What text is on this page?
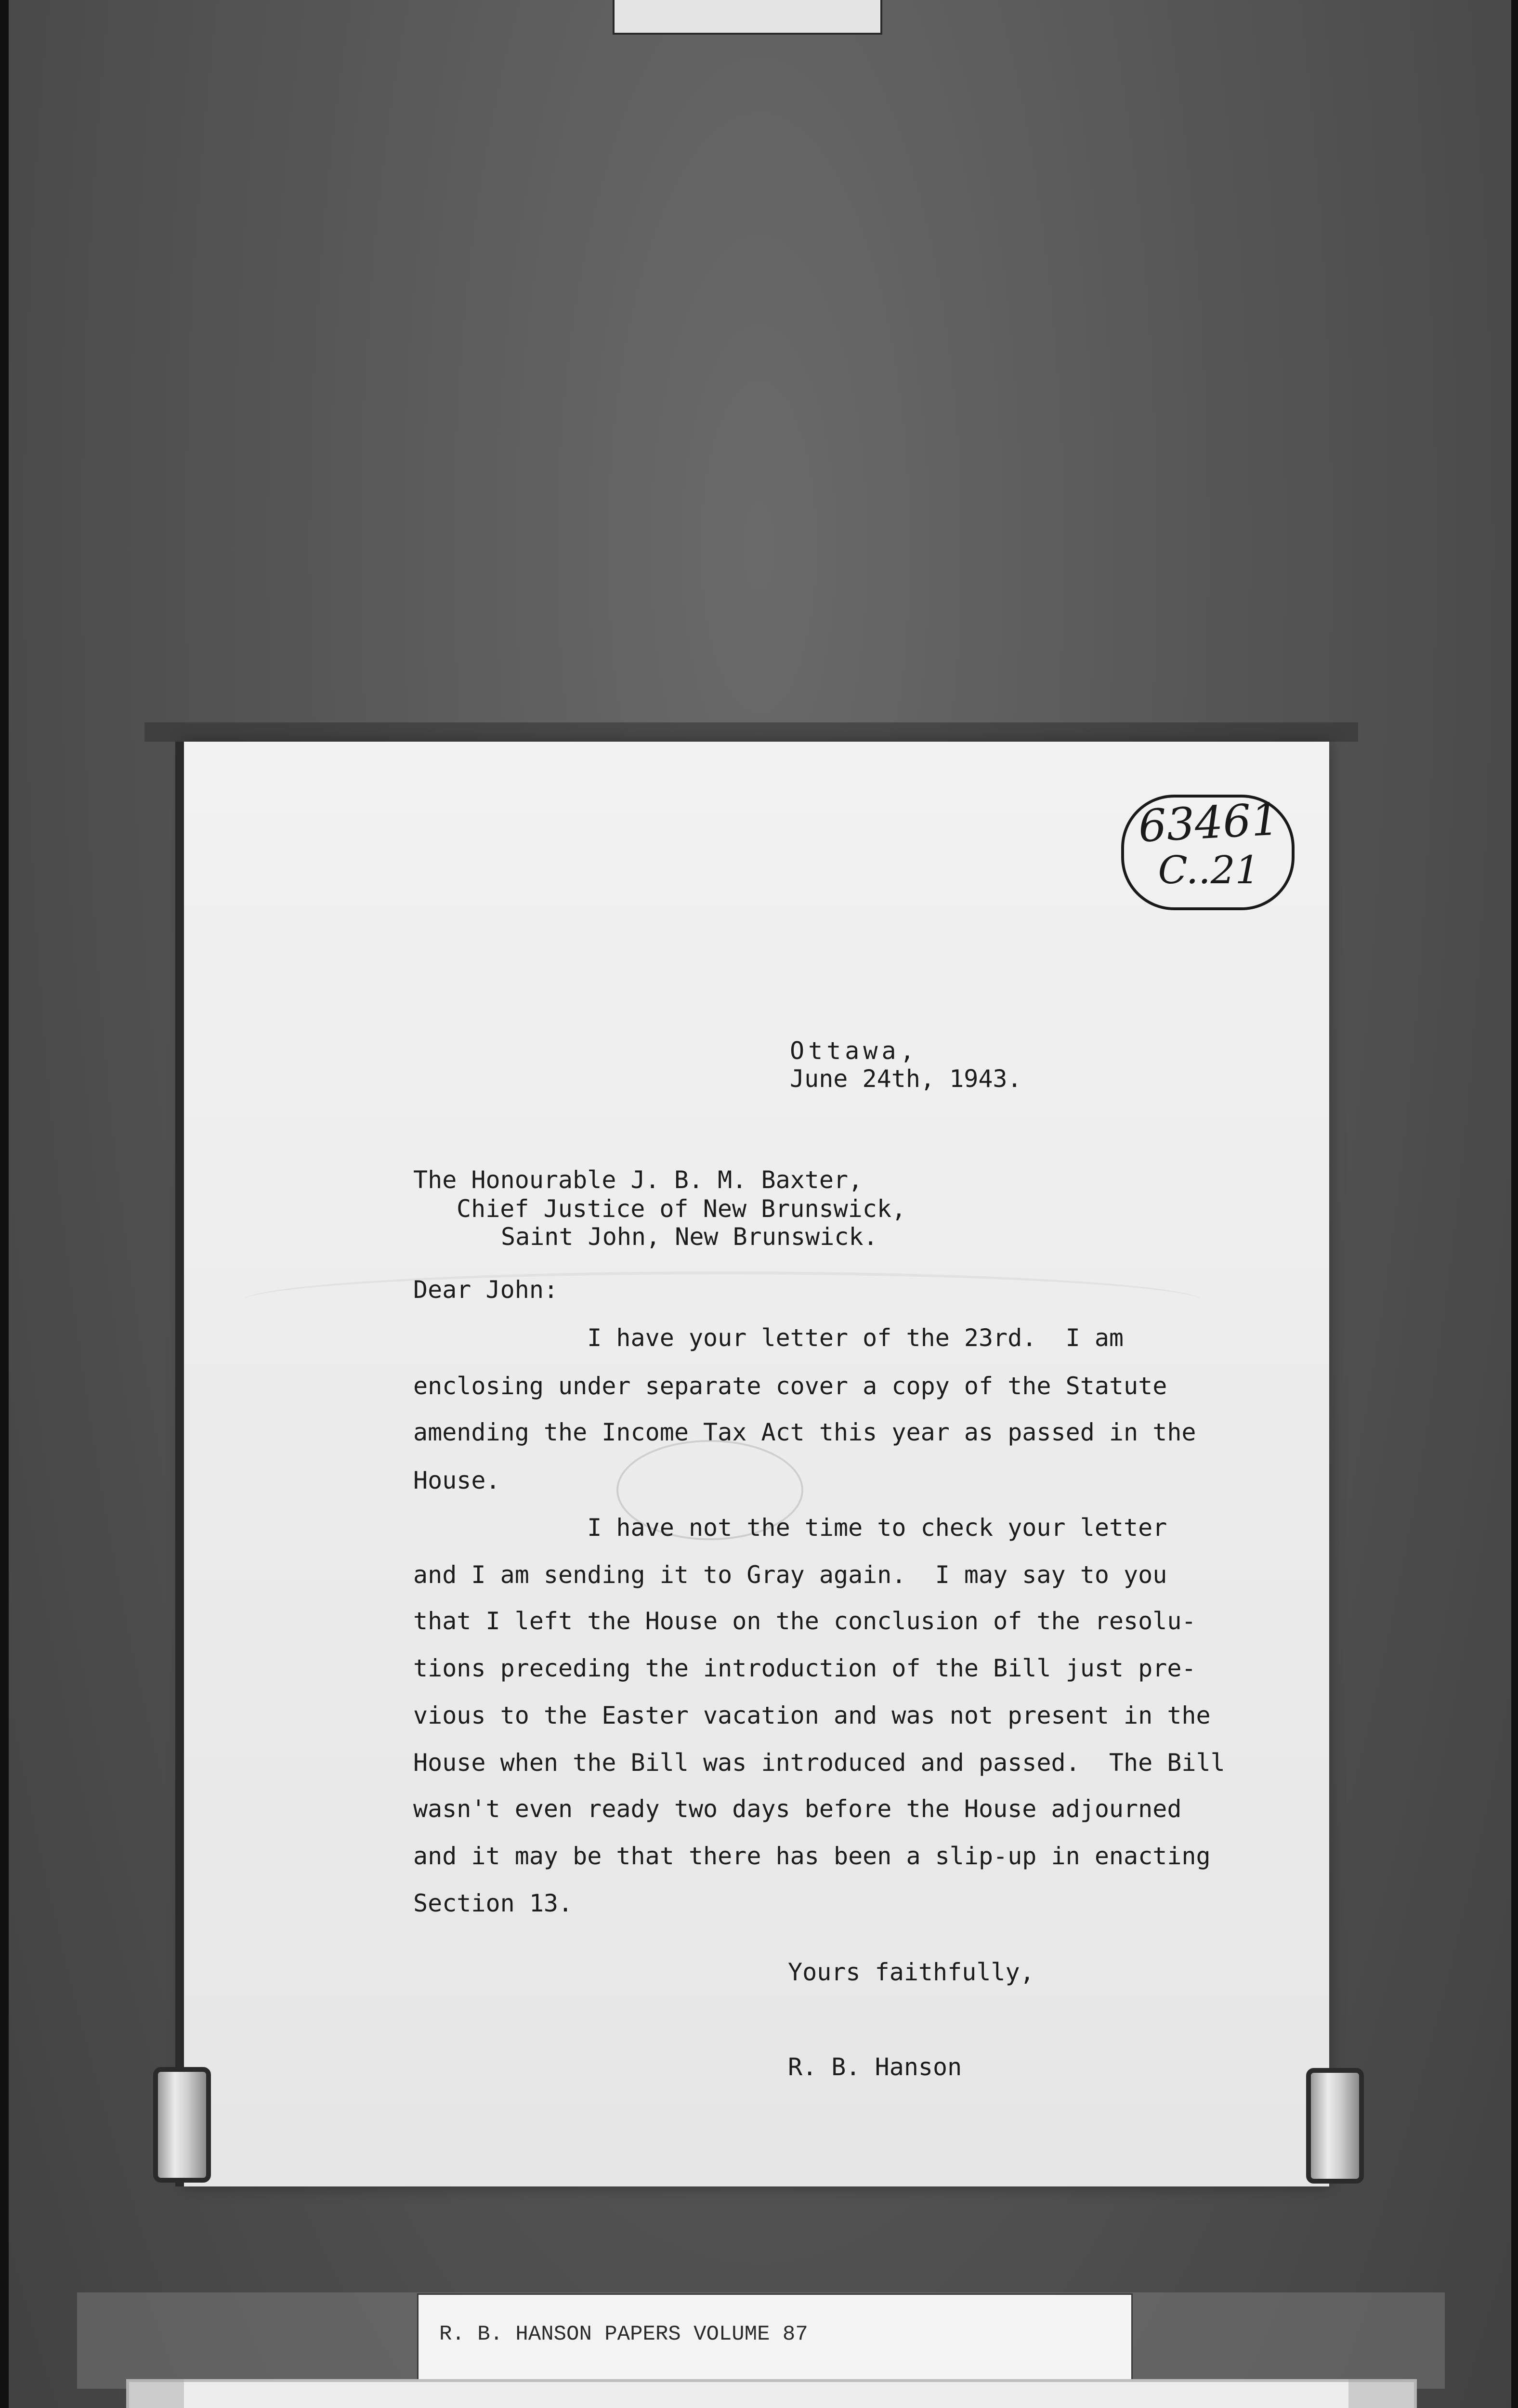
63461
C..21
Ottawa,
June 24th, 1943.
The Honourable J. B. M. Baxter,
Chief Justice of New Brunswick,
Saint John, New Brunswick.
Dear John:
I have your letter of the 23rd.  I am
enclosing under separate cover a copy of the Statute
amending the Income Tax Act this year as passed in the
House.
I have not the time to check your letter
and I am sending it to Gray again.  I may say to you
that I left the House on the conclusion of the resolu-
tions preceding the introduction of the Bill just pre-
vious to the Easter vacation and was not present in the
House when the Bill was introduced and passed.  The Bill
wasn't even ready two days before the House adjourned
and it may be that there has been a slip-up in enacting
Section 13.
Yours faithfully,
R. B. Hanson
R. B. HANSON PAPERS VOLUME 87
